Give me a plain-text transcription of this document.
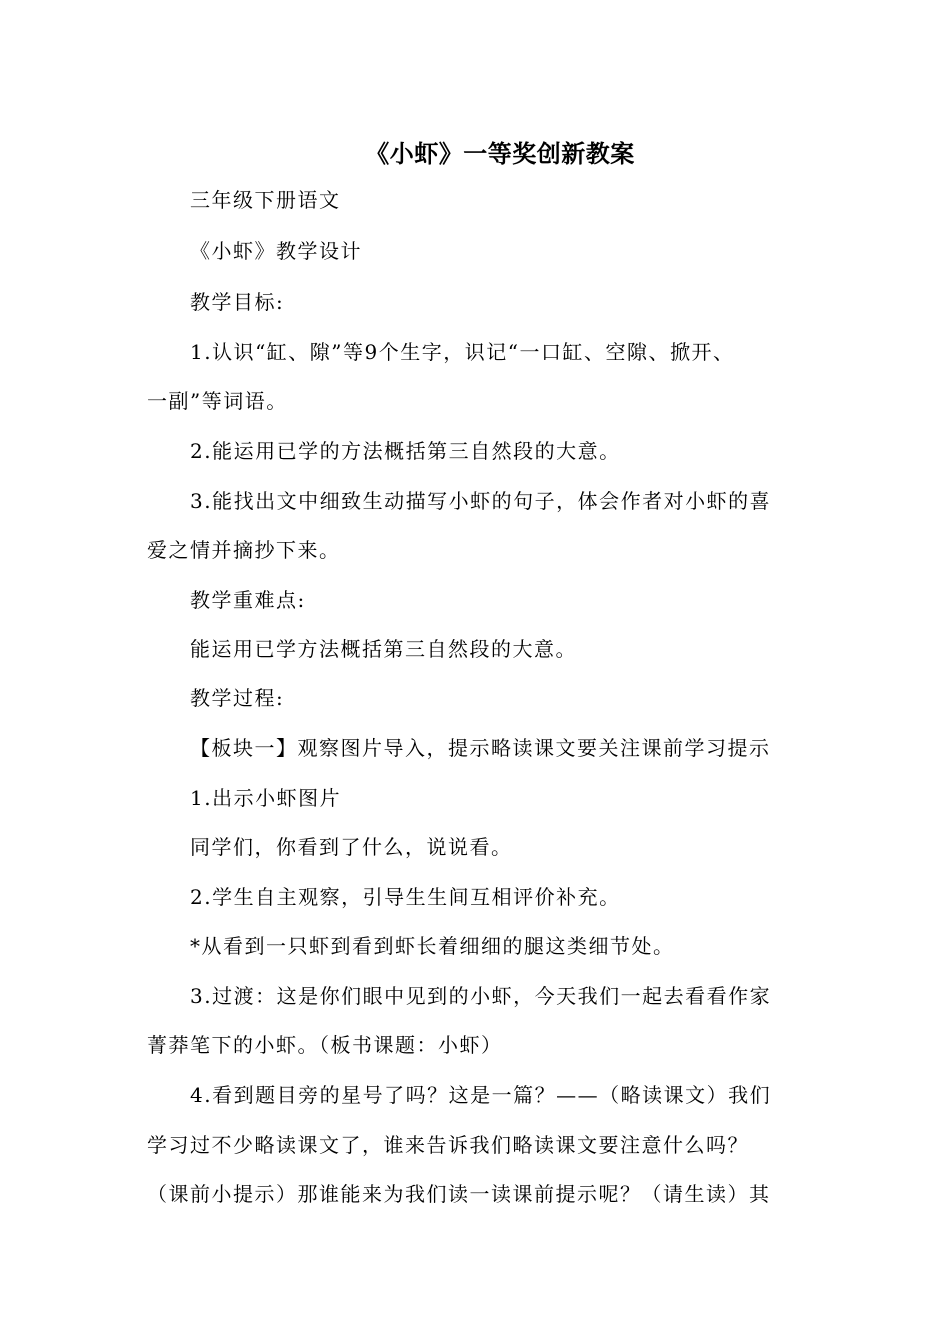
《小虾》一等奖创新教案
三年级下册语文
《小虾》教学设计
教学目标:
1.认识“缸、隙”等9个生字，识记“一口缸、空隙、掀开、
一副”等词语。
2.能运用已学的方法概括第三自然段的大意。
3.能找出文中细致生动描写小虾的句子，体会作者对小虾的喜
爱之情并摘抄下来。
教学重难点:
能运用已学方法概括第三自然段的大意。
教学过程:
【板块一】观察图片导入，提示略读课文要关注课前学习提示
1.出示小虾图片
同学们，你看到了什么，说说看。
2.学生自主观察，引导生生间互相评价补充。
*从看到一只虾到看到虾长着细细的腿这类细节处。
3.过渡：这是你们眼中见到的小虾，今天我们一起去看看作家
菁莽笔下的小虾。（板书课题：小虾）
4.看到题目旁的星号了吗？这是一篇？——（略读课文）我们
学习过不少略读课文了，谁来告诉我们略读课文要注意什么吗？
（课前小提示）那谁能来为我们读一读课前提示呢？（请生读）其
